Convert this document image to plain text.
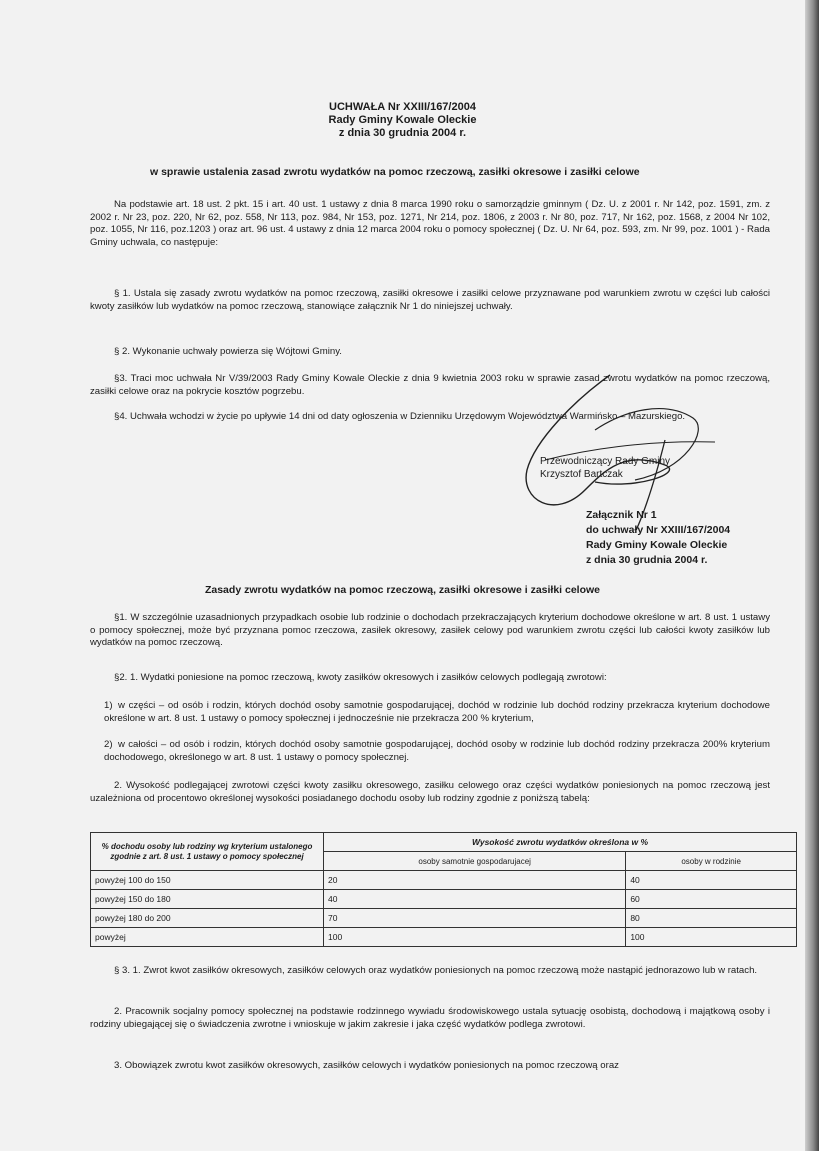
UCHWAŁA Nr XXIII/167/2004
Rady Gminy Kowale Oleckie
z dnia 30 grudnia 2004 r.
w sprawie ustalenia zasad zwrotu wydatków na pomoc rzeczową, zasiłki okresowe i zasiłki celowe
Na podstawie art. 18 ust. 2 pkt. 15 i art. 40 ust. 1 ustawy z dnia 8 marca 1990 roku o samorządzie gminnym ( Dz. U. z 2001 r. Nr 142, poz. 1591, zm. z 2002 r. Nr 23, poz. 220, Nr 62, poz. 558, Nr 113, poz. 984, Nr 153, poz. 1271, Nr 214, poz. 1806, z 2003 r. Nr 80, poz. 717, Nr 162, poz. 1568, z 2004 Nr 102, poz. 1055, Nr 116, poz.1203 ) oraz art. 96 ust. 4 ustawy z dnia 12 marca 2004 roku o pomocy społecznej ( Dz. U. Nr 64, poz. 593, zm. Nr 99, poz. 1001 ) - Rada Gminy uchwala, co następuje:
§ 1. Ustala się zasady zwrotu wydatków na pomoc rzeczową, zasiłki okresowe i zasiłki celowe przyznawane pod warunkiem zwrotu w części lub całości kwoty zasiłków lub wydatków na pomoc rzeczową, stanowiące załącznik Nr 1 do niniejszej uchwały.
§ 2. Wykonanie uchwały powierza się Wójtowi Gminy.
§3. Traci moc uchwała Nr V/39/2003 Rady Gminy Kowale Oleckie z dnia 9 kwietnia 2003 roku w sprawie zasad zwrotu wydatków na pomoc rzeczową, zasiłki celowe oraz na pokrycie kosztów pogrzebu.
§4. Uchwała wchodzi w życie po upływie 14 dni od daty ogłoszenia w Dzienniku Urzędowym Województwa Warmińsko – Mazurskiego.
Przewodniczący Rady Gminy
Krzysztof Bartczak
Załącznik Nr 1
do uchwały Nr XXIII/167/2004
Rady Gminy Kowale Oleckie
z dnia 30 grudnia 2004 r.
Zasady zwrotu wydatków na pomoc rzeczową, zasiłki okresowe i zasiłki celowe
§1. W szczególnie uzasadnionych przypadkach osobie lub rodzinie o dochodach przekraczających kryterium dochodowe określone w art. 8 ust. 1 ustawy o pomocy społecznej, może być przyznana pomoc rzeczowa, zasiłek okresowy, zasiłek celowy pod warunkiem zwrotu części lub całości kwoty zasiłków lub wydatków na pomoc rzeczową.
§2. 1. Wydatki poniesione na pomoc rzeczową, kwoty zasiłków okresowych i zasiłków celowych podlegają zwrotowi:
1) w części – od osób i rodzin, których dochód osoby samotnie gospodarującej, dochód w rodzinie lub dochód rodziny przekracza kryterium dochodowe określone w art. 8 ust. 1 ustawy o pomocy społecznej i jednocześnie nie przekracza 200 % kryterium,
2) w całości – od osób i rodzin, których dochód osoby samotnie gospodarującej, dochód osoby w rodzinie lub dochód rodziny przekracza 200% kryterium dochodowego, określonego w art. 8 ust. 1 ustawy o pomocy społecznej.
2. Wysokość podlegającej zwrotowi części kwoty zasiłku okresowego, zasiłku celowego oraz części wydatków poniesionych na pomoc rzeczową jest uzależniona od procentowo określonej wysokości posiadanego dochodu osoby lub rodziny zgodnie z poniższą tabelą:
% dochodu osoby lub rodziny wg kryterium ustalonego zgodnie z art. 8 ust. 1 ustawy o pomocy społecznej	Wysokość zwrotu wydatków określona w %	
	osoby samotnie gospodarujacej	osoby w rodzinie
powyżej 100 do 150	20	40
powyżej 150 do 180	40	60
powyżej 180 do 200	70	80
powyżej	100	100
§ 3. 1. Zwrot kwot zasiłków okresowych, zasiłków celowych oraz wydatków poniesionych na pomoc rzeczową może nastąpić jednorazowo lub w ratach.
2. Pracownik socjalny pomocy społecznej na podstawie rodzinnego wywiadu środowiskowego ustala sytuację osobistą, dochodową i majątkową osoby i rodziny ubiegającej się o świadczenia zwrotne i wnioskuje w jakim zakresie i jaka część wydatków podlega zwrotowi.
3. Obowiązek zwrotu kwot zasiłków okresowych, zasiłków celowych i wydatków poniesionych na pomoc rzeczową oraz
